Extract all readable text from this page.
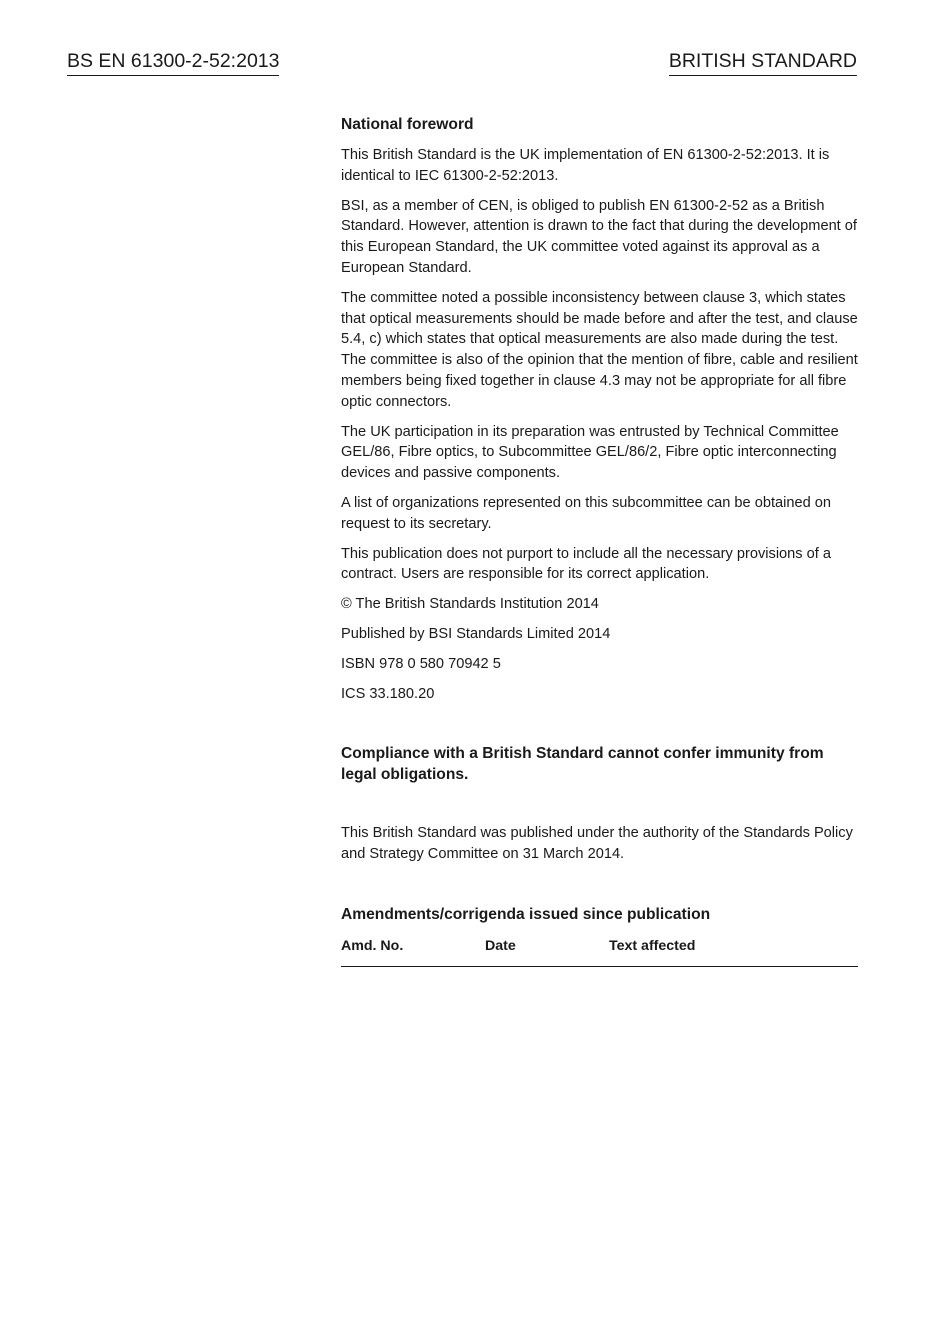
BS EN 61300-2-52:2013	BRITISH STANDARD
National foreword

This British Standard is the UK implementation of EN 61300-2-52:2013. It is identical to IEC 61300-2-52:2013.

BSI, as a member of CEN, is obliged to publish EN 61300-2-52 as a British Standard. However, attention is drawn to the fact that during the development of this European Standard, the UK committee voted against its approval as a European Standard.

The committee noted a possible inconsistency between clause 3, which states that optical measurements should be made before and after the test, and clause 5.4, c) which states that optical measurements are also made during the test. The committee is also of the opinion that the mention of fibre, cable and resilient members being fixed together in clause 4.3 may not be appropriate for all fibre optic connectors.

The UK participation in its preparation was entrusted by Technical Committee GEL/86, Fibre optics, to Subcommittee GEL/86/2, Fibre optic interconnecting devices and passive components.

A list of organizations represented on this subcommittee can be obtained on request to its secretary.

This publication does not purport to include all the necessary provisions of a contract. Users are responsible for its correct application.

© The British Standards Institution 2014

Published by BSI Standards Limited 2014

ISBN 978 0 580 70942 5

ICS 33.180.20

Compliance with a British Standard cannot confer immunity from legal obligations.
This British Standard was published under the authority of the Standards Policy and Strategy Committee on 31 March 2014.
Amendments/corrigenda issued since publication
Amd. No.	Date	Text affected
